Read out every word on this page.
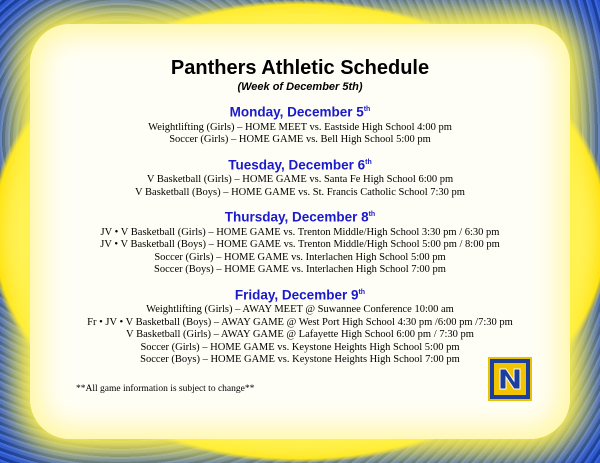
Panthers Athletic Schedule
(Week of December 5th)
Monday, December 5th

Weightlifting (Girls) – HOME MEET vs. Eastside High School 4:00 pm

Soccer (Girls) – HOME GAME vs. Bell High School 5:00 pm

Tuesday, December 6th

V Basketball (Girls) – HOME GAME vs. Santa Fe High School 6:00 pm

V Basketball (Boys) – HOME GAME vs. St. Francis Catholic School 7:30 pm

Thursday, December 8th

JV • V Basketball (Girls) – HOME GAME vs. Trenton Middle/High School 3:30 pm / 6:30 pm

JV • V Basketball (Boys) – HOME GAME vs. Trenton Middle/High School 5:00 pm / 8:00 pm

Soccer (Girls) – HOME GAME vs. Interlachen High School 5:00 pm

Soccer (Boys) – HOME GAME vs. Interlachen High School 7:00 pm

Friday, December 9th

Weightlifting (Girls) – AWAY MEET @ Suwannee Conference 10:00 am

Fr • JV • V Basketball (Boys) – AWAY GAME @ West Port High School 4:30 pm /6:00 pm /7:30 pm

V Basketball (Girls) – AWAY GAME @ Lafayette High School 6:00 pm / 7:30 pm

Soccer (Girls) – HOME GAME vs. Keystone Heights High School 5:00 pm

Soccer (Boys) – HOME GAME vs. Keystone Heights High School 7:00 pm

**All game information is subject to change**
